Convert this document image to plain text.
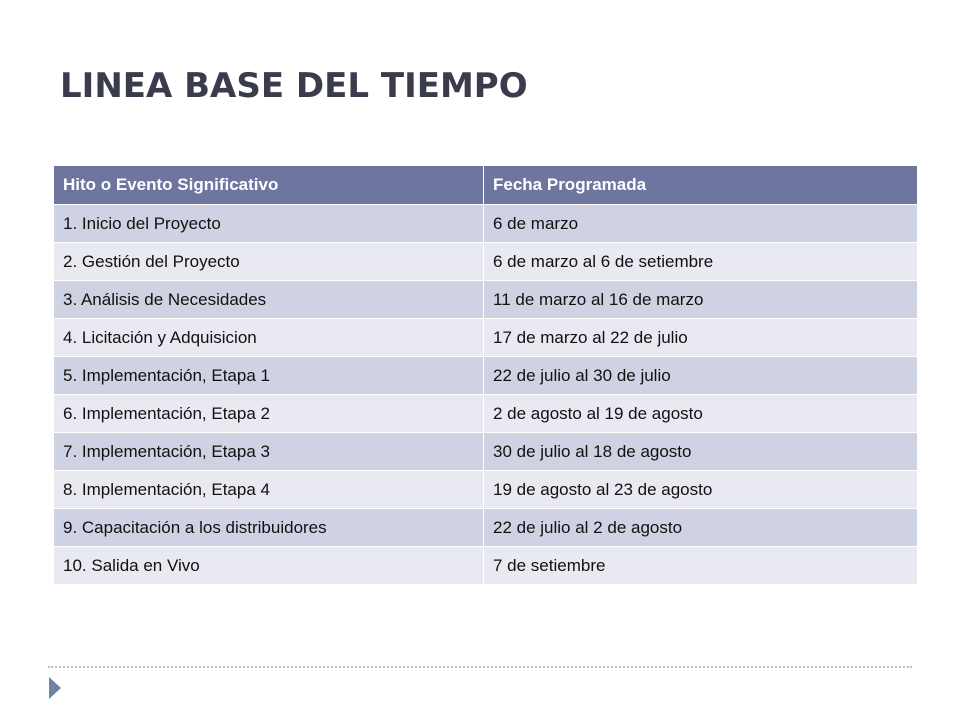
LINEA BASE DEL TIEMPO
Hito o Evento Significativo	Fecha Programada
1. Inicio del Proyecto	6 de marzo
2. Gestión del Proyecto	6 de marzo al 6 de setiembre
3. Análisis de Necesidades	11 de marzo al 16 de marzo
4. Licitación y Adquisicion	17 de marzo al 22 de julio
5. Implementación, Etapa 1	22 de julio al 30 de julio
6. Implementación, Etapa 2	2 de agosto al 19 de agosto
7. Implementación, Etapa 3	30 de julio al 18 de agosto
8. Implementación, Etapa 4	19 de agosto al 23 de agosto
9. Capacitación a los distribuidores	22 de julio al 2 de agosto
10. Salida en Vivo	7 de setiembre
